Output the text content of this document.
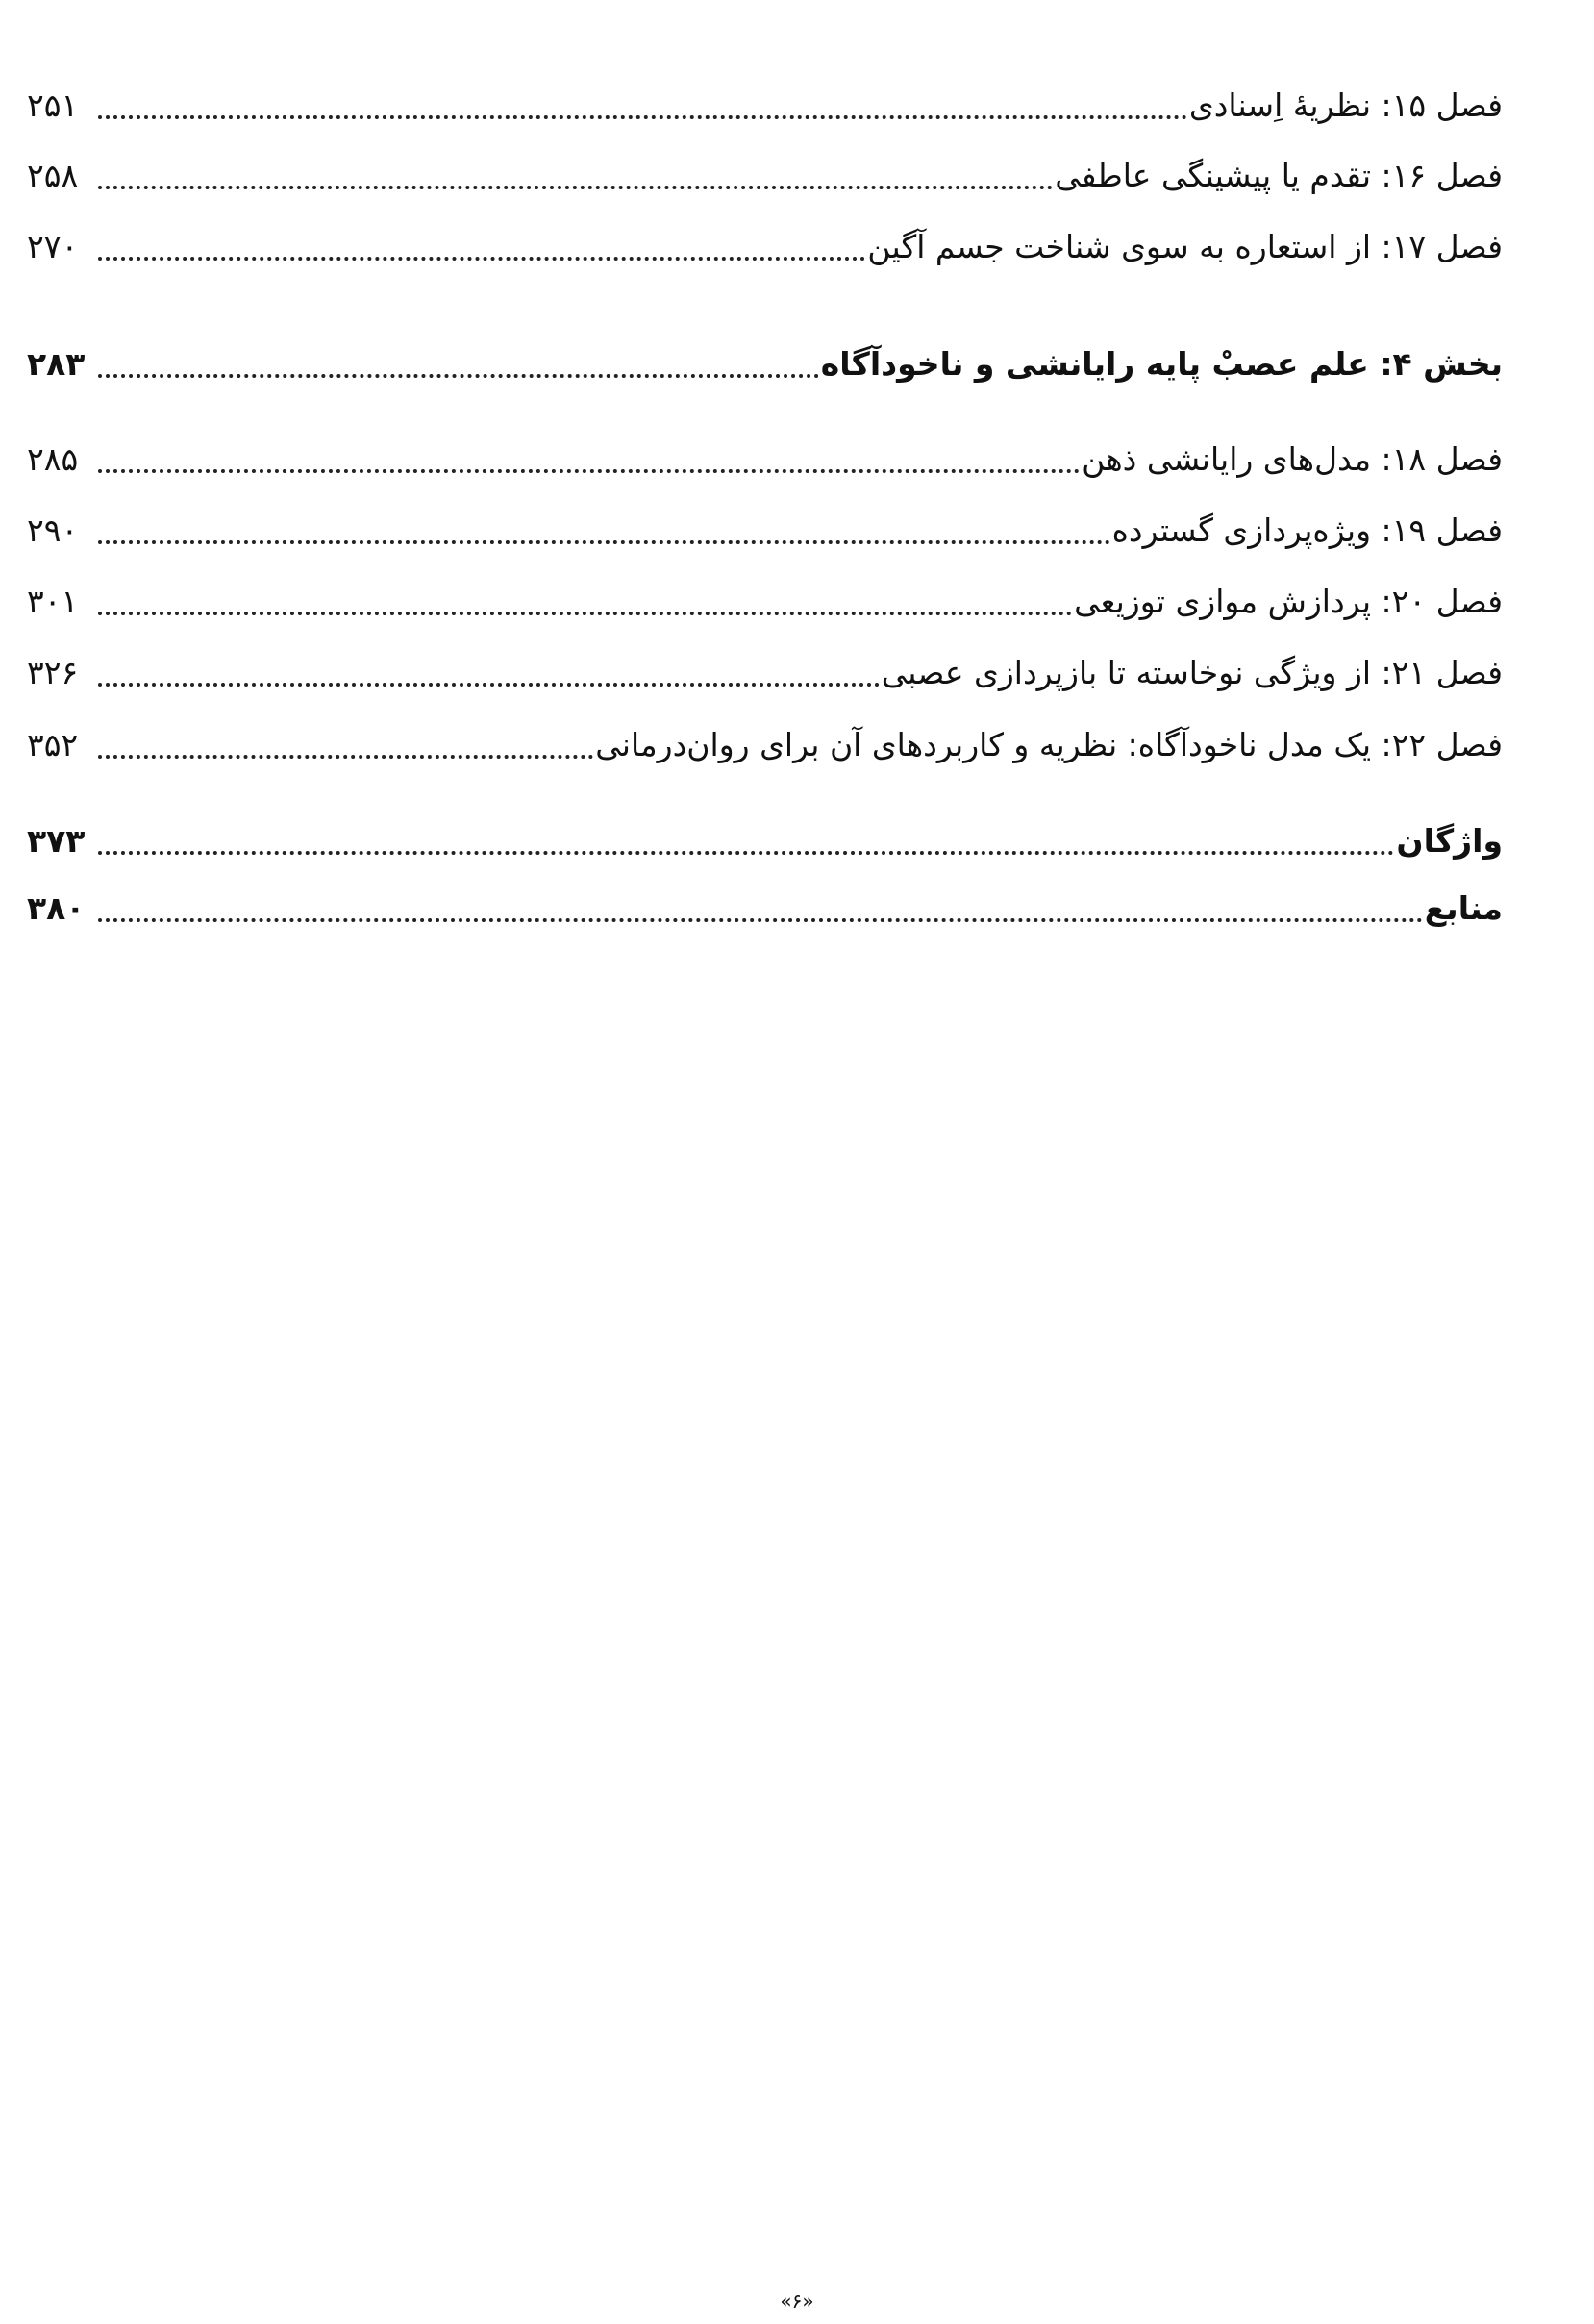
فصل ۱۵: نظریهٔ اِسنادی
۲۵۱
فصل ۱۶: تقدم یا پیشینگی عاطفی
۲۵۸
فصل ۱۷: از استعاره به سوی شناخت جسم آگین
۲۷۰
بخش ۴: علم عصبْ پایه رایانشی و ناخودآگاه
۲۸۳
فصل ۱۸: مدل‌های رایانشی ذهن
۲۸۵
فصل ۱۹: ویژه‌پردازی گسترده
۲۹۰
فصل ۲۰: پردازش موازی توزیعی
۳۰۱
فصل ۲۱: از ویژگی نوخاسته تا بازپردازی عصبی
۳۲۶
فصل ۲۲: یک مدل ناخودآگاه: نظریه و کاربردهای آن برای روان‌درمانی
۳۵۲
واژگان
۳۷۳
منابع
۳۸۰
«۶»
